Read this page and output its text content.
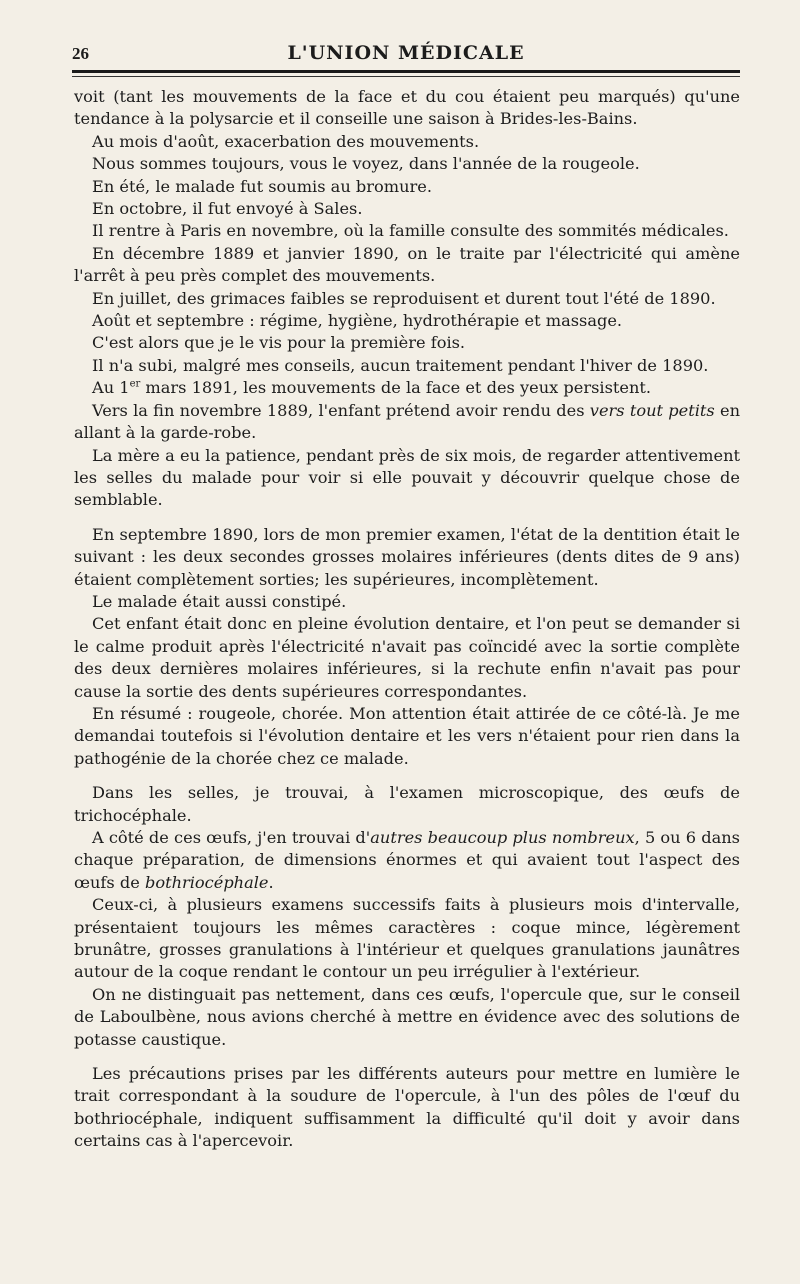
26	L'UNION MÉDICALE

voit (tant les mouvements de la face et du cou étaient peu marqués) qu'une tendance à la polysarcie et il conseille une saison à Brides-les-Bains.

Au mois d'août, exacerbation des mouvements.

Nous sommes toujours, vous le voyez, dans l'année de la rougeole.

En été, le malade fut soumis au bromure.

En octobre, il fut envoyé à Sales.

Il rentre à Paris en novembre, où la famille consulte des sommités médicales.

En décembre 1889 et janvier 1890, on le traite par l'électricité qui amène l'arrêt à peu près complet des mouvements.

En juillet, des grimaces faibles se reproduisent et durent tout l'été de 1890.

Août et septembre : régime, hygiène, hydrothérapie et massage.

C'est alors que je le vis pour la première fois.

Il n'a subi, malgré mes conseils, aucun traitement pendant l'hiver de 1890.

Au 1er mars 1891, les mouvements de la face et des yeux persistent.

Vers la fin novembre 1889, l'enfant prétend avoir rendu des vers tout petits en allant à la garde-robe.

La mère a eu la patience, pendant près de six mois, de regarder attentivement les selles du malade pour voir si elle pouvait y découvrir quelque chose de semblable.

En septembre 1890, lors de mon premier examen, l'état de la dentition était le suivant : les deux secondes grosses molaires inférieures (dents dites de 9 ans) étaient complètement sorties; les supérieures, incomplètement.

Le malade était aussi constipé.

Cet enfant était donc en pleine évolution dentaire, et l'on peut se demander si le calme produit après l'électricité n'avait pas coïncidé avec la sortie complète des deux dernières molaires inférieures, si la rechute enfin n'avait pas pour cause la sortie des dents supérieures correspondantes.

En résumé : rougeole, chorée. Mon attention était attirée de ce côté-là. Je me demandai toutefois si l'évolution dentaire et les vers n'étaient pour rien dans la pathogénie de la chorée chez ce malade.

Dans les selles, je trouvai, à l'examen microscopique, des œufs de trichocéphale.

A côté de ces œufs, j'en trouvai d'autres beaucoup plus nombreux, 5 ou 6 dans chaque préparation, de dimensions énormes et qui avaient tout l'aspect des œufs de bothriocéphale.

Ceux-ci, à plusieurs examens successifs faits à plusieurs mois d'intervalle, présentaient toujours les mêmes caractères : coque mince, légèrement brunâtre, grosses granulations à l'intérieur et quelques granulations jaunâtres autour de la coque rendant le contour un peu irrégulier à l'extérieur.

On ne distinguait pas nettement, dans ces œufs, l'opercule que, sur le conseil de Laboulbène, nous avions cherché à mettre en évidence avec des solutions de potasse caustique.

Les précautions prises par les différents auteurs pour mettre en lumière le trait correspondant à la soudure de l'opercule, à l'un des pôles de l'œuf du bothriocéphale, indiquent suffisamment la difficulté qu'il doit y avoir dans certains cas à l'apercevoir.
